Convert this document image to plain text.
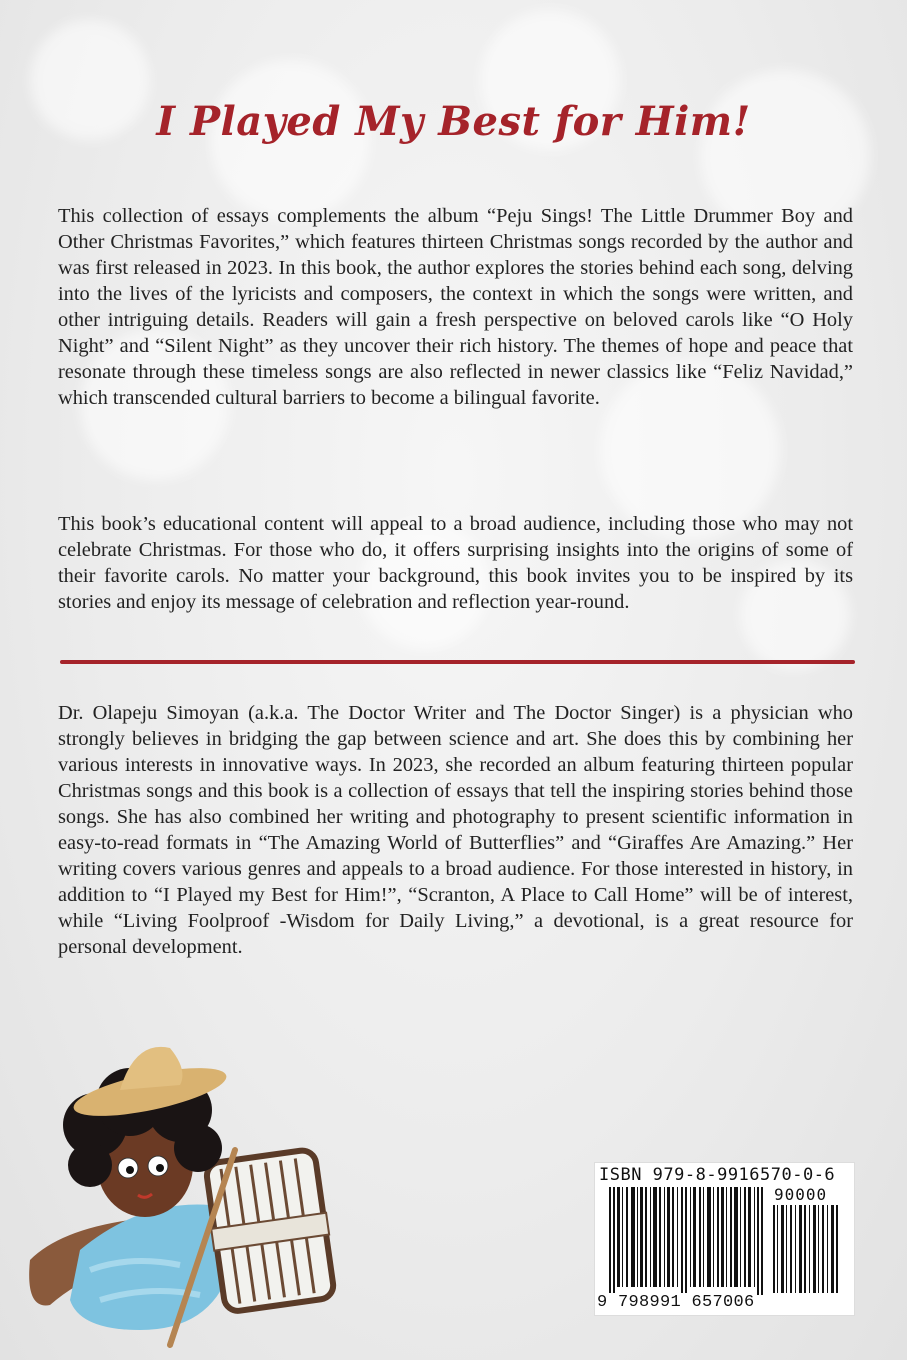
I Played My Best for Him!

This collection of essays complements the album “Peju Sings! The Little Drummer Boy and Other Christmas Favorites,” which features thirteen Christmas songs recorded by the author and was first released in 2023. In this book, the author explores the stories behind each song, delving into the lives of the lyricists and composers, the context in which the songs were written, and other intriguing details. Readers will gain a fresh perspective on beloved carols like “O Holy Night” and “Silent Night” as they uncover their rich history. The themes of hope and peace that resonate through these timeless songs are also reflected in newer classics like “Feliz Navidad,” which transcended cultural barriers to become a bilingual favorite.

This book’s educational content will appeal to a broad audience, including those who may not celebrate Christmas. For those who do, it offers surprising insights into the origins of some of their favorite carols. No matter your background, this book invites you to be inspired by its stories and enjoy its message of celebration and reflection year-round.

Dr. Olapeju Simoyan (a.k.a. The Doctor Writer and The Doctor Singer) is a physician who strongly believes in bridging the gap between science and art. She does this by combining her various interests in innovative ways. In 2023, she recorded an album featuring thirteen popular Christmas songs and this book is a collection of essays that tell the inspiring stories behind those songs. She has also combined her writing and photography to present scientific information in easy-to-read formats in “The Amazing World of Butterflies” and “Giraffes Are Amazing.” Her writing covers various genres and appeals to a broad audience. For those interested in history, in addition to “I Played my Best for Him!”, “Scranton, A Place to Call Home” will be of interest, while “Living Foolproof -Wisdom for Daily Living,” a devotional, is a great resource for personal development.

ISBN 979-8-9916570-0-6
90000
9 798991 657006
